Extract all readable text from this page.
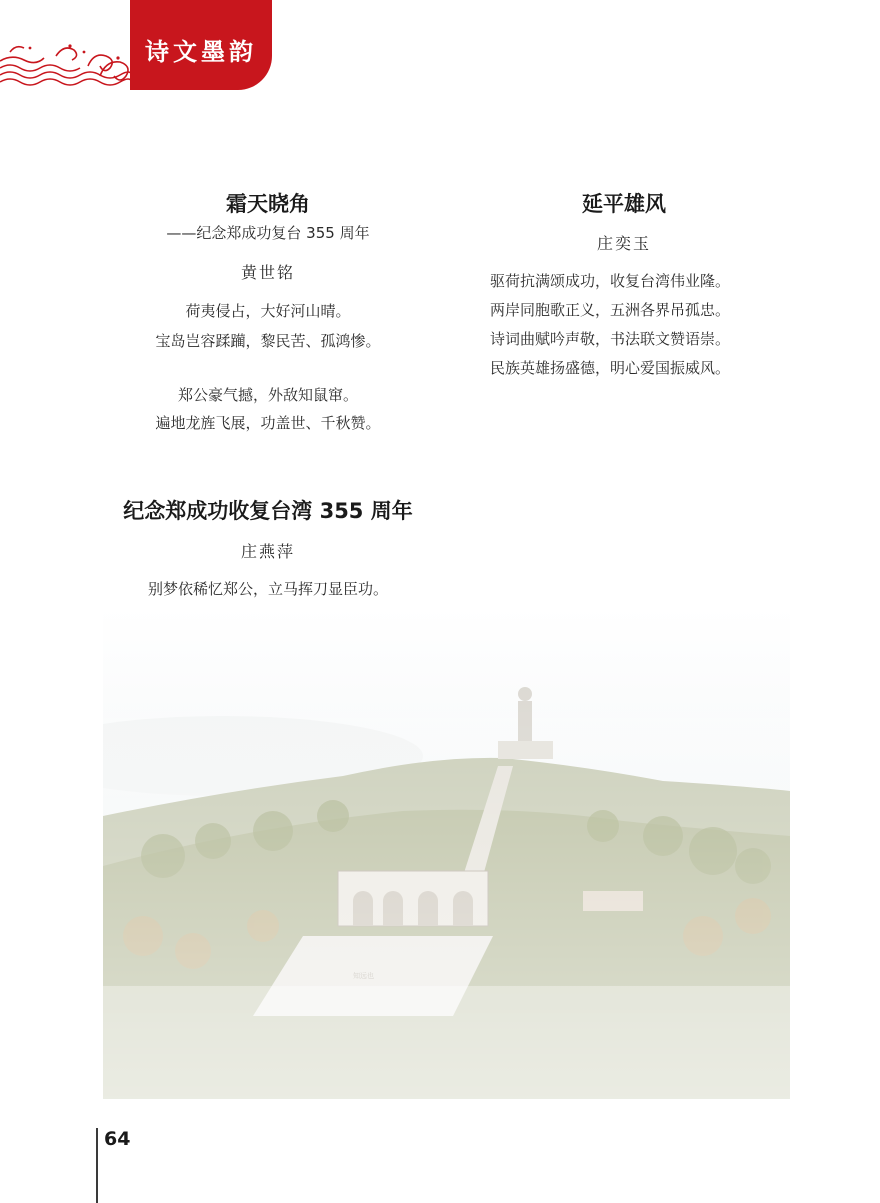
诗文墨韵
霜天晓角
——纪念郑成功复台 355 周年
黄世铭
荷夷侵占，大好河山晴。
宝岛岂容蹂躏，黎民苦、孤鸿惨。
郑公豪气撼，外敌知鼠窜。
遍地龙旌飞展，功盖世、千秋赞。
延平雄风
庄奕玉
驱荷抗满颂成功，收复台湾伟业隆。
两岸同胞歌正义，五洲各界吊孤忠。
诗词曲赋吟声敬，书法联文赞语崇。
民族英雄扬盛德，明心爱国振威风。
纪念郑成功收复台湾 355 周年
庄燕萍
别梦依稀忆郑公，立马挥刀显臣功。
64
